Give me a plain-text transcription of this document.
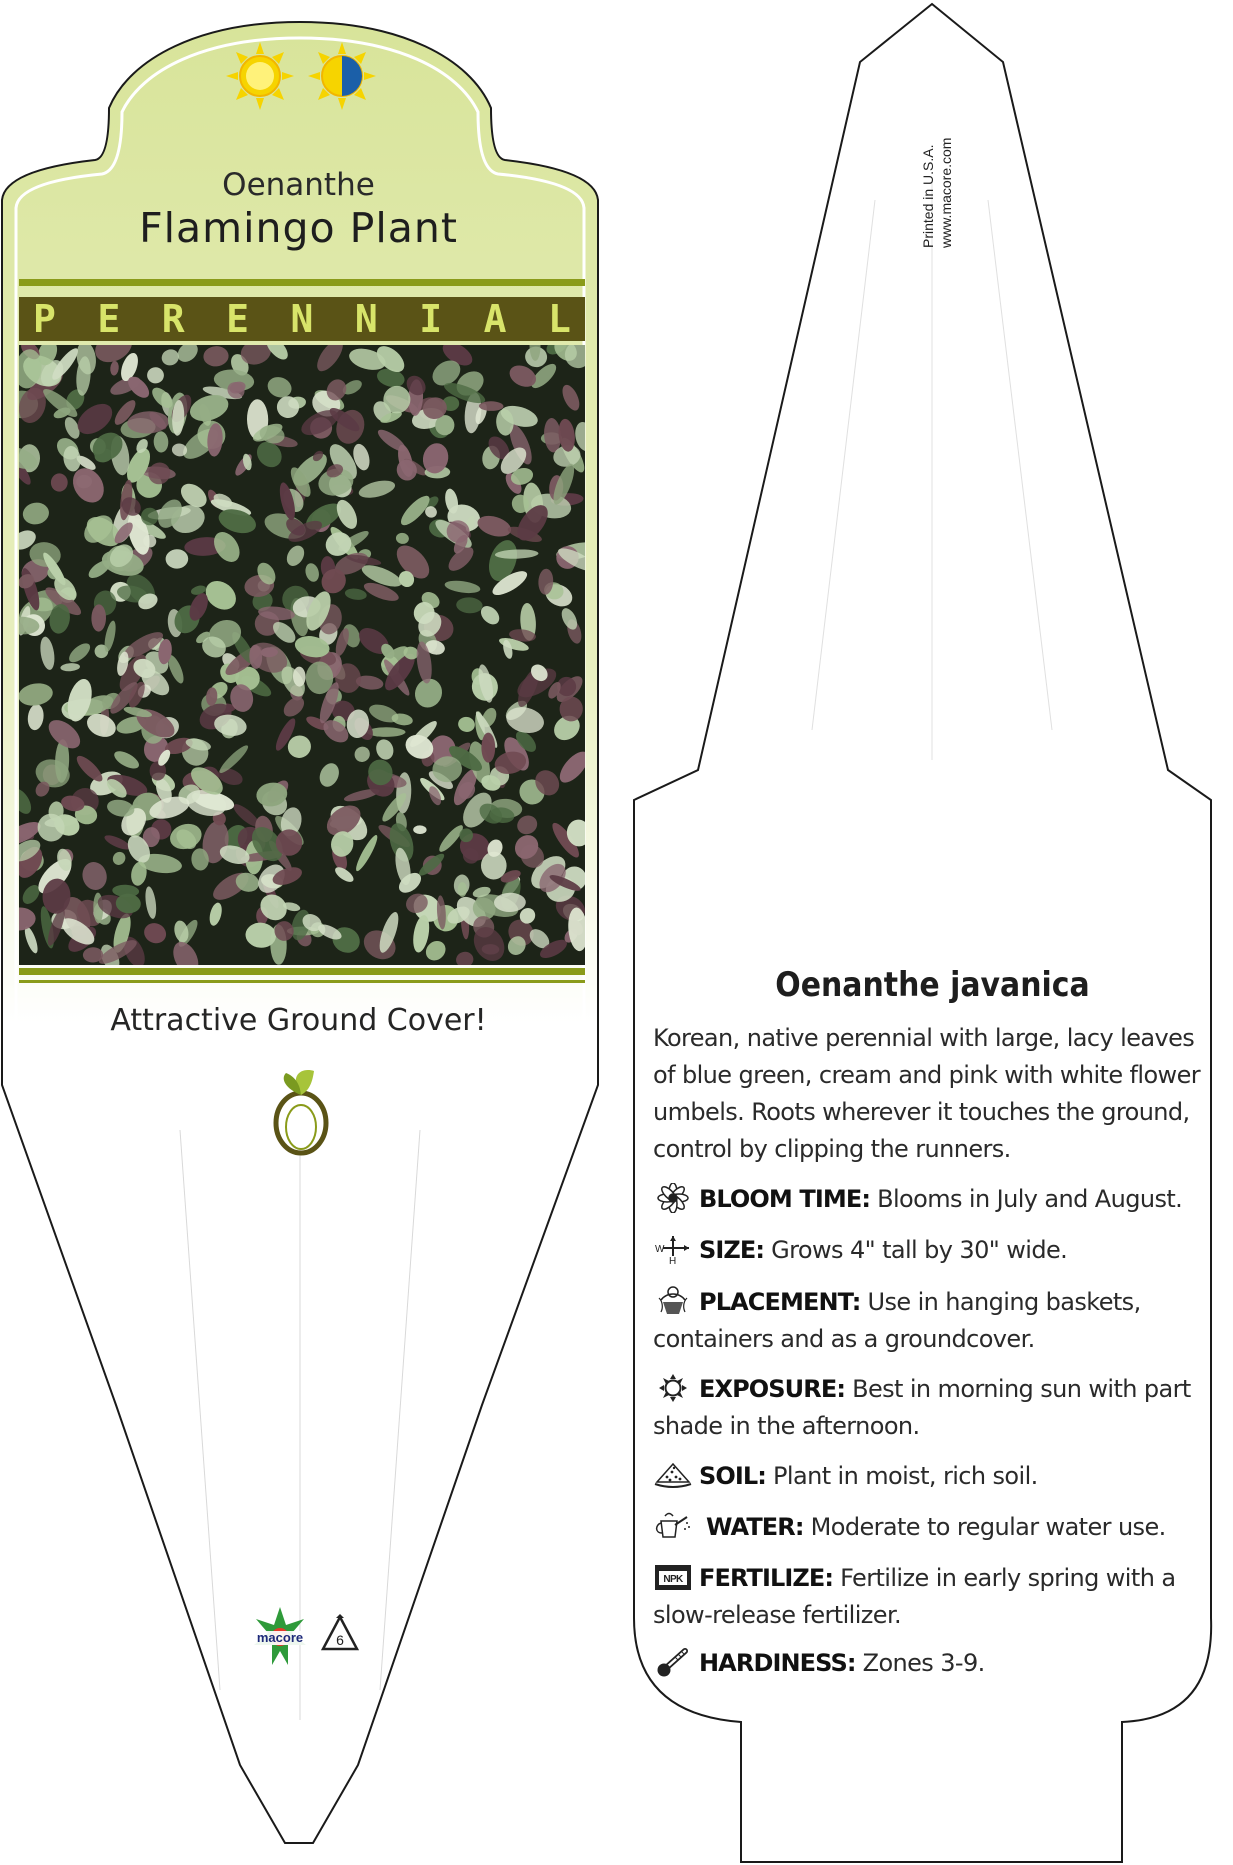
Oenanthe
Flamingo Plant
P E R E N N I A L
Attractive Ground Cover!
macore 6
Printed in U.S.A. www.macore.com
Oenanthe javanica
Korean, native perennial with large, lacy leaves of blue green, cream and pink with white flower umbels. Roots wherever it touches the ground, control by clipping the runners.
BLOOM TIME: Blooms in July and August.
W
H SIZE: Grows 4" tall by 30" wide.
PLACEMENT: Use in hanging baskets, containers and as a groundcover.
EXPOSURE: Best in morning sun with part shade in the afternoon.
SOIL: Plant in moist, rich soil.
WATER: Moderate to regular water use.
NPK FERTILIZE: Fertilize in early spring with a slow-release fertilizer.
HARDINESS: Zones 3-9.
